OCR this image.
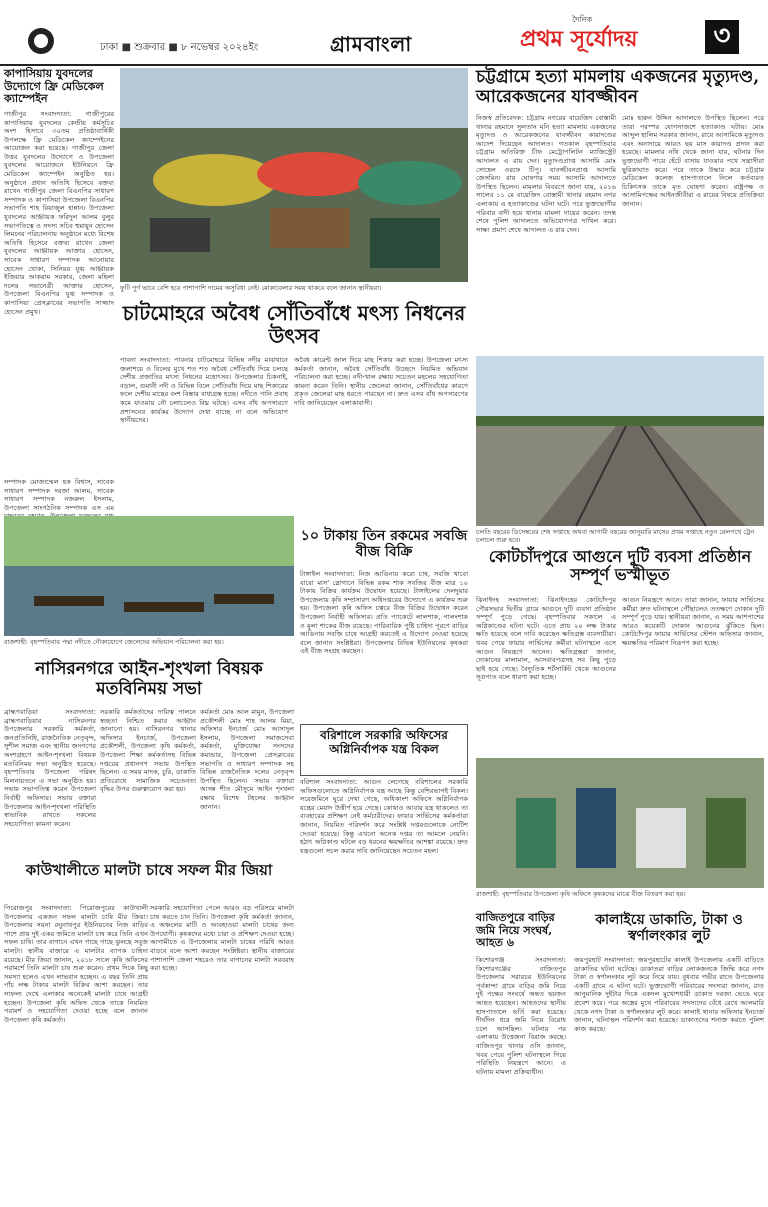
ঢাকা ■ শুক্রবার ■ ৮ নভেম্বর ২০২৪ইং	গ্রামবাংলা
দৈনিক
প্রথম সূর্যোদয়	৩
কাপাসিয়ায় যুবদলের উদ্যোগে ফ্রি মেডিকেল ক্যাম্পেইন
গাজীপুর সংবাদদাতা: গাজীপুরের কাপাসিয়ায় যুবদলের কেন্দ্রীয় কর্মসূচির অংশ হিসাবে ৩০তম প্রতিষ্ঠাবার্ষিকী উপলক্ষে ফ্রি মেডিকেল ক্যাম্পেইনের আয়োজন করা হয়েছে। গাজীপুর জেলা উত্তর যুবদলের উদ্যোগে ও উপজেলা যুবদলের আয়োজনে ইউনিয়নে ফ্রি মেডিকেল ক্যাম্পেইন অনুষ্ঠিত হয়। অনুষ্ঠানে প্রধান অতিথি হিসেবে বক্তব্য রাখেন গাজীপুর জেলা বিএনপির সাধারণ সম্পাদক ও কাপাসিয়া উপজেলা বিএনপির সভাপতি শাহ রিয়াজুল হান্নান। উপজেলা যুবদলের আহ্বায়ক ফরিদুল আলম বুলুর সভাপতিত্বে ও সদস্য সচিব হুমায়ুন হোসেন লিমনের পরিচালনায় অনুষ্ঠানে মধ্যে বিশেষ অতিথি হিসেবে বক্তব্য রাখেন জেলা যুবদলের আহ্বায়ক আক্তার হোসেন, সাবেক সাধারণ সম্পাদক আনোয়ার হোসেন খোকা, সিনিয়র যুগ্ম আহ্বায়ক ইজিয়ার আকরাম সরকার, জেলা মহিলা দলের সভানেত্রী আক্তার হোসেন, উপজেলা বিএনপির যুগ্ম সম্পাদক ও কাপাসিয়া প্রেসক্লাবের সভাপতি সাজ্জাদ হোসেন প্রমুখ।
ফুটি পুর্ণ ভাবে বেশি হবে পাশাপাশি দামের অসুবিধা নেই। মোকাবেলার সময় থাকবে বলে জানান স্থানীয়রা।
চট্টগ্রামে হত্যা মামলায় একজনের মৃত্যুদণ্ড, আরেকজনের যাবজ্জীবন
নিজস্ব প্রতিবেদক: চট্টগ্রাম নগরের বায়েজিদ বোস্তামী থানার রহমানে সুলতান মনি হত্যা মামলায় একজনের মৃত্যুদণ্ড ও আরেকজনের যাবজ্জীবন কারাদণ্ডের আদেশ দিয়েছেন আদালত। গতকাল বৃহস্পতিবার চট্টগ্রাম অতিরিক্ত চীফ মেট্রোপলিটন ম্যাজিস্ট্রেট আদালত এ রায় দেন। মৃত্যুদণ্ডপ্রাপ্ত আসামি মোঃ সোহেল ওরফে টিপু। যাবজ্জীবনপ্রাপ্ত আসামি জেসমিন। রায় ঘোষণার সময় আসামি আদালতে উপস্থিত ছিলেন। মামলার বিবরণে জানা যায়, ২০১৬ সালের ১১ মে বায়েজিদ বোস্তামী থানার রহমান নগর এলাকায় এ হত্যাকাণ্ডের ঘটনা ঘটে। পরে ভুক্তভোগীর পরিবার বাদী হয়ে থানায় মামলা দায়ের করেন। তদন্ত শেষে পুলিশ আদালতে অভিযোগপত্র দাখিল করে। সাক্ষ্য প্রমাণ শেষে আদালত এ রায় দেন।
মোঃ হারুন উদ্দিন আদালতে উপস্থিত ছিলেন। পরে তারা পরস্পর যোগসাজশে হত্যাকাণ্ড ঘটায়। মোঃ আব্দুল হালিম সরকার জানান, রায়ে আসামিকে মৃত্যুদণ্ড এবং অনাদায়ে আরও ছয় মাস কারাদণ্ড প্রদান করা হয়েছে। মামলার নথি থেকে জানা যায়, ঘটনার দিন ভুক্তভোগী পায়ে হেঁটে বাসায় যাওয়ার পথে সন্ত্রাসীরা ছুরিকাঘাত করে। পরে তাকে উদ্ধার করে চট্টগ্রাম মেডিকেল কলেজ হাসপাতালে নিলে কর্তব্যরত চিকিৎসক তাকে মৃত ঘোষণা করেন। রাষ্ট্রপক্ষ ও আসামিপক্ষের আইনজীবীরা এ রায়ের বিষয়ে প্রতিক্রিয়া জানান।
চাটমোহরে অবৈধ সোঁতিবাঁধে মৎস্য নিধনের উৎসব
পাবনা সংবাদদাতা: পাবনার চাটমোহরে বিভিন্ন নদীর মাঝখানে জলাশয়ে ও বিলের মুখে শত শত অবৈধ সোঁতিবাঁধ দিয়ে চলছে দেশীয় প্রজাতির মৎস্য নিধনের মহোৎসব। উপজেলার চিকনাই, বড়াল, গুমানী নদী ও বিভিন্ন বিলে সোঁতিবাঁধ দিয়ে মাছ শিকারের ফলে দেশীয় মাছের বংশ বিস্তার বাধাগ্রস্ত হচ্ছে। নদীতে পানি প্রবাহ কমে যাওয়ায় নৌ চলাচলেও বিঘ্ন ঘটছে। এসব বাঁধ অপসারণে প্রশাসনের কার্যকর উদ্যোগ দেখা যাচ্ছে না বলে অভিযোগ স্থানীয়দের।
অবৈধ কারেন্ট জাল দিয়ে মাছ শিকার করা হচ্ছে। উপজেলা মৎস্য কর্মকর্তা জানান, অবৈধ সোঁতিবাঁধ উচ্ছেদে নিয়মিত অভিযান পরিচালনা করা হচ্ছে। নদী-খাল রক্ষায় সচেতন মহলের সহযোগিতা কামনা করেন তিনি। স্থানীয় জেলেরা জানান, সোঁতিবাঁধের কারণে প্রকৃত জেলেরা মাছ ধরতে পারছেন না। দ্রুত এসব বাঁধ অপসারণের দাবি জানিয়েছেন এলাকাবাসী।
চলতি বছরের ডিসেম্বরের শেষ সপ্তাহে অথবা আগামী বছরের জানুয়ারি মাসের প্রথম সপ্তাহে নতুন রেলপথে ট্রেন চলাচল শুরু হবে।
সম্পাদক মোজাম্মেল হক বিশ্বাস, সাবেক সাধারণ সম্পাদক দরজা আলম, সাবেক সাধারণ সম্পাদক নজরুল ইসলাম, উপজেলা সাংগঠনিক সম্পাদক এস এম
রাজশাহী: বৃহস্পতিবার পদ্মা নদীতে নৌকাযোগে জেলেদের অভিযান পরিচালনা করা হয়।
১০ টাকায় তিন রকমের সবজি বীজ বিক্রি
টাঙ্গাইল সংবাদদাতা: নিজ আঙিনায় করো চাষ, সবজি খাবো বারো মাস' স্লোগানে বিভিন্ন রকম শাক সবজির বীজ মাত্র ১০ টাকায় বিক্রির কার্যক্রম উদ্বোধন হয়েছে। টাঙ্গাইলের দেলদুয়ার উপজেলায় কৃষি সম্প্রসারণ অধিদপ্তরের উদ্যোগে এ কার্যক্রম শুরু হয়। উপজেলা কৃষি অফিস চত্বরে বীজ বিক্রির উদ্বোধন করেন উপজেলা নির্বাহী অফিসার। প্রতি প্যাকেটে লালশাক, পালংশাক ও মুলা শাকের বীজ রয়েছে। পারিবারিক পুষ্টি চাহিদা পূরণে বাড়ির আঙিনায় সবজি চাষে আগ্রহী করতেই এ উদ্যোগ নেওয়া হয়েছে বলে জানান সংশ্লিষ্টরা। উপজেলার বিভিন্ন ইউনিয়নের কৃষকরা এই বীজ সংগ্রহ করছেন।
কোটচাঁদপুরে আগুনে দুটি ব্যবসা প্রতিষ্ঠান সম্পূর্ণ ভস্মীভূত
ঝিনাইদহ সংবাদদাতা: ঝিনাইদহের কোটচাঁদপুর পৌরসভার দ্বিতীয় গ্রামে আগুনে দুটি ব্যবসা প্রতিষ্ঠান সম্পূর্ণ পুড়ে গেছে। বৃহস্পতিবার সকালে এ অগ্নিকাণ্ডের ঘটনা ঘটে। এতে প্রায় ২০ লক্ষ টাকার ক্ষতি হয়েছে বলে দাবি করেছেন ক্ষতিগ্রস্ত ব্যবসায়ীরা। খবর পেয়ে ফায়ার সার্ভিসের কর্মীরা ঘটনাস্থলে এসে আগুন নিয়ন্ত্রণে আনেন। ক্ষতিগ্রস্তরা জানান, দোকানের মালামাল, আসবাবপত্রসহ সব কিছু পুড়ে ছাই হয়ে গেছে। বৈদ্যুতিক শর্টসার্কিট থেকে আগুনের সূত্রপাত বলে ধারণা করা হচ্ছে।
আগুন নিয়ন্ত্রণে আনে। তারা জানান, ফায়ার সার্ভিসের কর্মীরা দ্রুত ঘটনাস্থলে পৌঁছালেও ততক্ষণে দোকান দুটি সম্পূর্ণ পুড়ে যায়। স্থানীয়রা জানান, এ সময় আশপাশের আরও কয়েকটি দোকান আগুনের ঝুঁকিতে ছিল। কোটচাঁদপুর ফায়ার সার্ভিসের স্টেশন অফিসার জানান, ক্ষয়ক্ষতির পরিমাণ নিরূপণ করা হচ্ছে।
নাসিরনগরে আইন-শৃংখলা বিষয়ক মতবিনিময় সভা
ব্রাহ্মণবাড়িয়া সংবাদদাতা: ব্রাহ্মণবাড়িয়ার নাসিরনগর উপজেলার সরকারি কর্মকর্তা, জনপ্রতিনিধি, রাজনৈতিক নেতৃবৃন্দ, সুশীল সমাজ এবং স্থানীয় জনগণের অংশগ্রহণে আইন-শৃংখলা বিষয়ক মতবিনিময় সভা অনুষ্ঠিত হয়েছে। বৃহস্পতিবার উপজেলা পরিষদ মিলনায়তনে এ সভা অনুষ্ঠিত হয়। সভায় সভাপতিত্ব করেন উপজেলা নির্বাহী অফিসার। সভায় বক্তারা উপজেলার আইন-শৃংখলা পরিস্থিতি স্বাভাবিক রাখতে সকলের সহযোগিতা কামনা করেন।
সরকারি কর্মকর্তাদের দায়িত্ব পালনে স্বচ্ছতা নিশ্চিত করার আহ্বান জানানো হয়। নাসিরনগর থানার অফিসার ইনচার্জ, উপজেলা প্রকৌশলী, উপজেলা কৃষি কর্মকর্তা, উপজেলা শিক্ষা কর্মকর্তাসহ বিভিন্ন দপ্তরের প্রধানগণ সভায় উপস্থিত ছিলেন। এ সময় মাদক, চুরি, ডাকাতি প্রতিরোধে সামাজিক সচেতনতা বৃদ্ধির উপর গুরুত্বারোপ করা হয়।
কর্মকর্তা মোঃ আল মামুন, উপজেলা প্রকৌশলী মোঃ শাহ আলম মিয়া, অফিসার ইনচার্জ মোঃ আসাদুল ইসলাম, উপজেলা সমাজসেবা কর্মকর্তা, মুক্তিযোদ্ধা সংসদের কমান্ডার, উপজেলা প্রেসক্লাবের সভাপতি ও সাধারণ সম্পাদক সহ বিভিন্ন রাজনৈতিক দলের নেতৃবৃন্দ উপস্থিত ছিলেন। সভায় বক্তারা আসন্ন শীত মৌসুমে আইন শৃংখলা রক্ষায় বিশেষ টহলের আহ্বান জানান।
বরিশালে সরকারি অফিসের অগ্নিনির্বাপক যন্ত্র বিকল
বরিশাল সংবাদদাতা: আগুন লেগেছে বরিশালের সরকারি অফিসগুলোতে অগ্নিনির্বাপক যন্ত্র আছে কিন্তু বেশিরভাগই বিকল। সরেজমিনে ঘুরে দেখা গেছে, অধিকাংশ অফিসে অগ্নিনির্বাপক যন্ত্রের মেয়াদ উত্তীর্ণ হয়ে গেছে। কোথাও আবার যন্ত্র থাকলেও তা ব্যবহারের প্রশিক্ষণ নেই কর্মচারীদের। ফায়ার সার্ভিসের কর্মকর্তারা জানান, নিয়মিত পরিদর্শন করে সংশ্লিষ্ট দপ্তরগুলোকে নোটিশ দেওয়া হয়েছে। কিন্তু এখনো অনেক দপ্তর তা আমলে নেয়নি। হঠাৎ অগ্নিকাণ্ড ঘটলে বড় ধরনের ক্ষয়ক্ষতির আশঙ্কা রয়েছে। দ্রুত যন্ত্রগুলো সচল করার দাবি জানিয়েছেন সচেতন মহল।
রাজশাহী: বৃহস্পতিবার উপজেলা কৃষি অফিসে কৃষকদের মাঝে বীজ বিতরণ করা হয়।
কাউখালীতে মালটা চাষে সফল মীর জিয়া
পিরোজপুর সংবাদদাতা: পিরোজপুরের কাউখালী উপজেলার একজন সফল মালটা চাষি মীর জিয়া। উপজেলার সয়না রঘুনাথপুর ইউনিয়নের নিজ বাড়ির পাশে প্রায় দুই একর জমিতে মালটা চাষ করে তিনি এখন সফল চাষি। তার বাগানে এখন গাছে গাছে ঝুলছে সবুজ মালটা। স্থানীয় বাজারে এ মালটার ব্যাপক চাহিদা রয়েছে। মীর জিয়া জানান, ২০১৮ সালে কৃষি অফিসের পরামর্শে তিনি মালটা চাষ শুরু করেন। প্রথম দিকে কিছু সমস্যা হলেও এখন লাভবান হচ্ছেন। এ বছর তিনি প্রায় পাঁচ লক্ষ টাকার মালটা বিক্রির আশা করছেন। তার সাফল্য দেখে এলাকার অনেকেই মালটা চাষে আগ্রহী হচ্ছেন। উপজেলা কৃষি অফিস থেকে তাকে নিয়মিত পরামর্শ ও সহযোগিতা দেওয়া হচ্ছে বলে জানান উপজেলা কৃষি কর্মকর্তা।
সরকারি সহযোগিতা পেলে আরও বড় পরিসরে মালটা চাষ করতে চান তিনি। উপজেলা কৃষি কর্মকর্তা জানান, এ অঞ্চলের মাটি ও আবহাওয়া মালটা চাষের জন্য উপযোগী। কৃষকদের মধ্যে চারা ও প্রশিক্ষণ দেওয়া হচ্ছে। আগামীতে এ উপজেলায় মালটা চাষের পরিধি আরও বাড়বে বলে আশা করছেন সংশ্লিষ্টরা। স্থানীয় বাজারের পাশাপাশি জেলা শহরেও তার বাগানের মালটা সরবরাহ করা হচ্ছে।
বাজিতপুরে বাড়ির জমি নিয়ে সংঘর্ষ, আহত ৬
কিশোরগঞ্জ সংবাদদাতা: কিশোরগঞ্জের বাজিতপুর উপজেলার সরারচর ইউনিয়নের পূর্বকান্দা গ্রামে বাড়ির জমি নিয়ে দুই পক্ষের সংঘর্ষে অন্তত ছয়জন আহত হয়েছেন। আহতদের স্থানীয় হাসপাতালে ভর্তি করা হয়েছে। দীর্ঘদিন ধরে জমি নিয়ে বিরোধ চলে আসছিল। ঘটনার পর এলাকায় উত্তেজনা বিরাজ করছে। বাজিতপুর থানার ওসি জানান, খবর পেয়ে পুলিশ ঘটনাস্থলে গিয়ে পরিস্থিতি নিয়ন্ত্রণে আনে। এ ঘটনায় মামলা প্রক্রিয়াধীন।
কালাইয়ে ডাকাতি, টাকা ও স্বর্ণালংকার লুট
জয়পুরহাট সংবাদদাতা: জয়পুরহাটের কালাই উপজেলায় একটি বাড়িতে ডাকাতির ঘটনা ঘটেছে। ডাকাতরা বাড়ির লোকজনকে জিম্মি করে নগদ টাকা ও স্বর্ণালংকার লুট করে নিয়ে যায়। বুধবার গভীর রাতে উপজেলার একটি গ্রামে এ ঘটনা ঘটে। ভুক্তভোগী পরিবারের সদস্যরা জানান, রাত আনুমানিক দুইটার দিকে একদল মুখোশধারী ডাকাত দরজা ভেঙে ঘরে প্রবেশ করে। পরে অস্ত্রের মুখে পরিবারের সদস্যদের বেঁধে রেখে আলমারি থেকে নগদ টাকা ও স্বর্ণালংকার লুট করে। কালাই থানার অফিসার ইনচার্জ জানান, ঘটনাস্থল পরিদর্শন করা হয়েছে। ডাকাতদের শনাক্ত করতে পুলিশ কাজ করছে।
